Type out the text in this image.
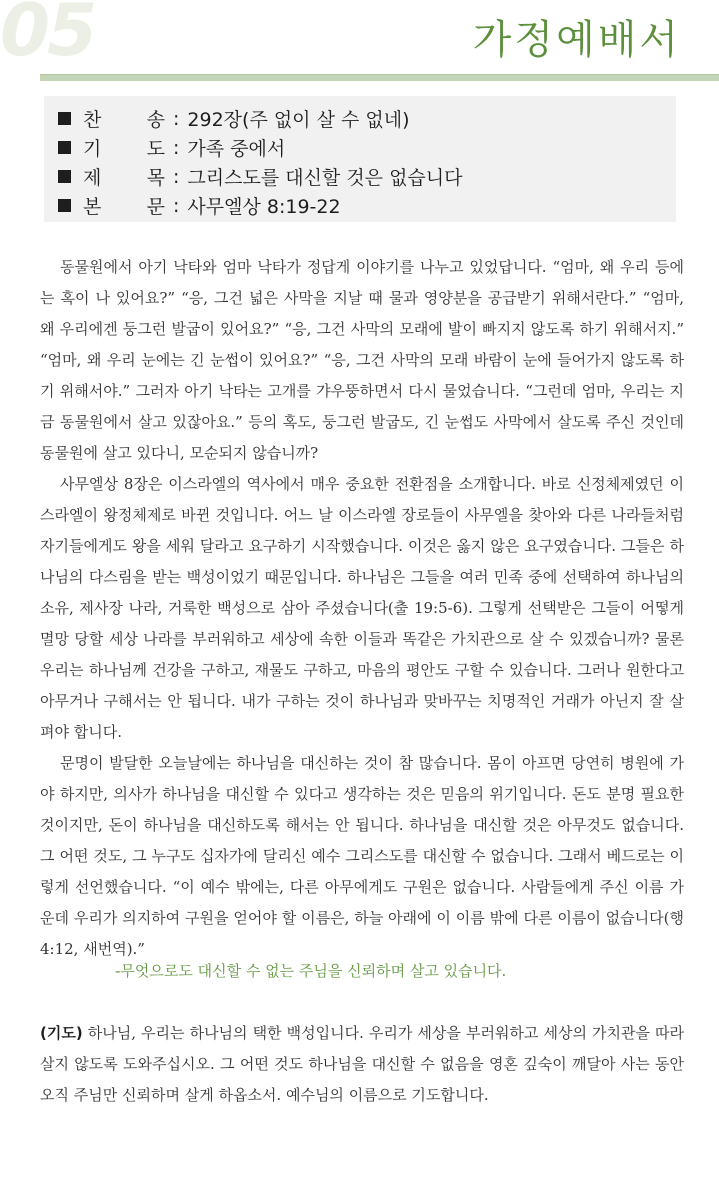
05	가정예배서
찬 송 : 292장(주 없이 살 수 없네)
기 도 : 가족 중에서
제 목 : 그리스도를 대신할 것은 없습니다
본 문 : 사무엘상 8:19-22

동물원에서 아기 낙타와 엄마 낙타가 정답게 이야기를 나누고 있었답니다. “엄마, 왜 우리 등에는 혹이 나 있어요?” “응, 그건 넓은 사막을 지날 때 물과 영양분을 공급받기 위해서란다.” “엄마, 왜 우리에겐 둥그런 발굽이 있어요?” “응, 그건 사막의 모래에 발이 빠지지 않도록 하기 위해서지.” “엄마, 왜 우리 눈에는 긴 눈썹이 있어요?” “응, 그건 사막의 모래 바람이 눈에 들어가지 않도록 하기 위해서야.” 그러자 아기 낙타는 고개를 갸우뚱하면서 다시 물었습니다. “그런데 엄마, 우리는 지금 동물원에서 살고 있잖아요.” 등의 혹도, 둥그런 발굽도, 긴 눈썹도 사막에서 살도록 주신 것인데 동물원에 살고 있다니, 모순되지 않습니까?

사무엘상 8장은 이스라엘의 역사에서 매우 중요한 전환점을 소개합니다. 바로 신정체제였던 이스라엘이 왕정체제로 바뀐 것입니다. 어느 날 이스라엘 장로들이 사무엘을 찾아와 다른 나라들처럼 자기들에게도 왕을 세워 달라고 요구하기 시작했습니다. 이것은 옳지 않은 요구였습니다. 그들은 하나님의 다스림을 받는 백성이었기 때문입니다. 하나님은 그들을 여러 민족 중에 선택하여 하나님의 소유, 제사장 나라, 거룩한 백성으로 삼아 주셨습니다(출 19:5-6). 그렇게 선택받은 그들이 어떻게 멸망 당할 세상 나라를 부러워하고 세상에 속한 이들과 똑같은 가치관으로 살 수 있겠습니까? 물론 우리는 하나님께 건강을 구하고, 재물도 구하고, 마음의 평안도 구할 수 있습니다. 그러나 원한다고 아무거나 구해서는 안 됩니다. 내가 구하는 것이 하나님과 맞바꾸는 치명적인 거래가 아닌지 잘 살펴야 합니다.

문명이 발달한 오늘날에는 하나님을 대신하는 것이 참 많습니다. 몸이 아프면 당연히 병원에 가야 하지만, 의사가 하나님을 대신할 수 있다고 생각하는 것은 믿음의 위기입니다. 돈도 분명 필요한 것이지만, 돈이 하나님을 대신하도록 해서는 안 됩니다. 하나님을 대신할 것은 아무것도 없습니다. 그 어떤 것도, 그 누구도 십자가에 달리신 예수 그리스도를 대신할 수 없습니다. 그래서 베드로는 이렇게 선언했습니다. “이 예수 밖에는, 다른 아무에게도 구원은 없습니다. 사람들에게 주신 이름 가운데 우리가 의지하여 구원을 얻어야 할 이름은, 하늘 아래에 이 이름 밖에 다른 이름이 없습니다(행 4:12, 새번역).”

-무엇으로도 대신할 수 없는 주님을 신뢰하며 살고 있습니다.
(기도) 하나님, 우리는 하나님의 택한 백성입니다. 우리가 세상을 부러워하고 세상의 가치관을 따라 살지 않도록 도와주십시오. 그 어떤 것도 하나님을 대신할 수 없음을 영혼 깊숙이 깨달아 사는 동안 오직 주님만 신뢰하며 살게 하옵소서. 예수님의 이름으로 기도합니다.
